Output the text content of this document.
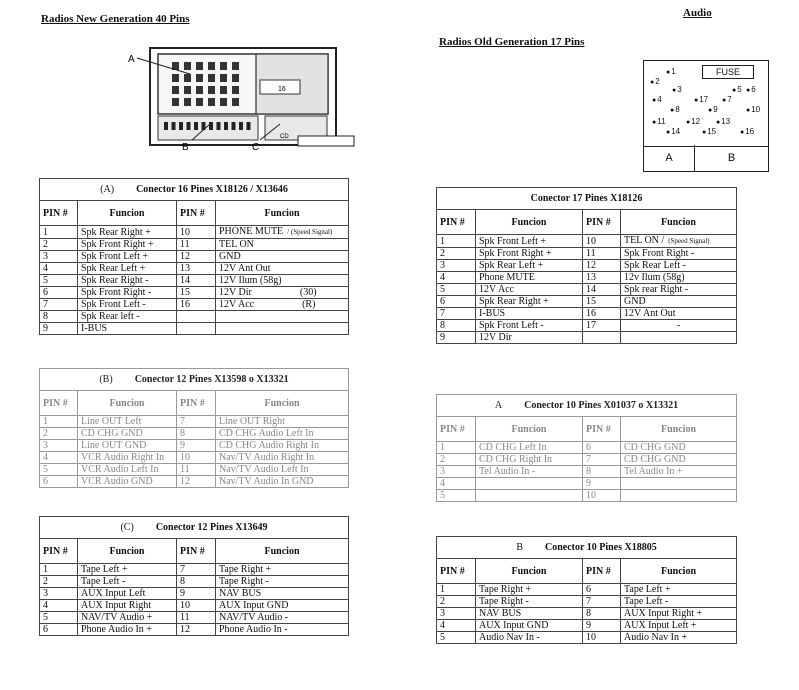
Radios New Generation 40 Pins	Audio
Radios Old Generation 17 Pins
16
CD
A
B	C
FUSE
●1
●2
●3
●4
●5 ●6
●7
●8	●9	●10
●11	●12 ●13
●14	●15	●16
●17
A	B
(A) Conector 16 Pines X18126 / X13646			
PIN #	Funcion	PIN #	Funcion
1	Spk Rear Right +	10	PHONE MUTE / (Speed Signal)
2	Spk Front Right +	11	TEL ON
3	Spk Front Left +	12	GND
4	Spk Rear Left +	13	12V Ant Out
5	Spk Rear Right -	14	12V Ilum (58g)
6	Spk Front Right -	15	12V Dir (30)
7	Spk Front Left -	16	12V Acc (R)
8	Spk Rear left -		
9	I-BUS		
(B) Conector 12 Pines X13598 o X13321			
PIN #	Funcion	PIN #	Funcion
1	Line OUT Left	7	Line OUT Right
2	CD CHG GND	8	CD CHG Audio Left In
3	Line OUT GND	9	CD CHG Audio Right In
4	VCR Audio Right In	10	Nav/TV Audio Right In
5	VCR Audio Left In	11	Nav/TV Audio Left In
6	VCR Audio GND	12	Nav/TV Audio In GND
(C) Conector 12 Pines X13649			
PIN #	Funcion	PIN #	Funcion
1	Tape Left +	7	Tape Right +
2	Tape Left -	8	Tape Right -
3	AUX Input Left	9	NAV BUS
4	AUX Input Right	10	AUX Input GND
5	NAV/TV Audio +	11	NAV/TV Audio -
6	Phone Audio In +	12	Phone Audio In -
Conector 17 Pines X18126			
PIN #	Funcion	PIN #	Funcion
1	Spk Front Left +	10	TEL ON / (Speed Signal)
2	Spk Front Right +	11	Spk Front Right -
3	Spk Rear Left +	12	Spk Rear Left -
4	Phone MUTE	13	12v Ilum (58g)
5	12V Acc	14	Spk rear Right -
6	Spk Rear Right +	15	GND
7	I-BUS	16	12V Ant Out
8	Spk Front Left -	17	-
9	12V Dir		
A Conector 10 Pines X01037 o X13321			
PIN #	Funcion	PIN #	Funcion
1	CD CHG Left In	6	CD CHG GND
2	CD CHG Right In	7	CD CHG GND
3	Tel Audio In -	8	Tel Audio In +
4		9	
5		10	
B Conector 10 Pines X18805			
PIN #	Funcion	PIN #	Funcion
1	Tape Right +	6	Tape Left +
2	Tape Right -	7	Tape Left -
3	NAV BUS	8	AUX Input Right +
4	AUX Input GND	9	AUX Input Left +
5	Audio Nav In -	10	Audio Nav In +
